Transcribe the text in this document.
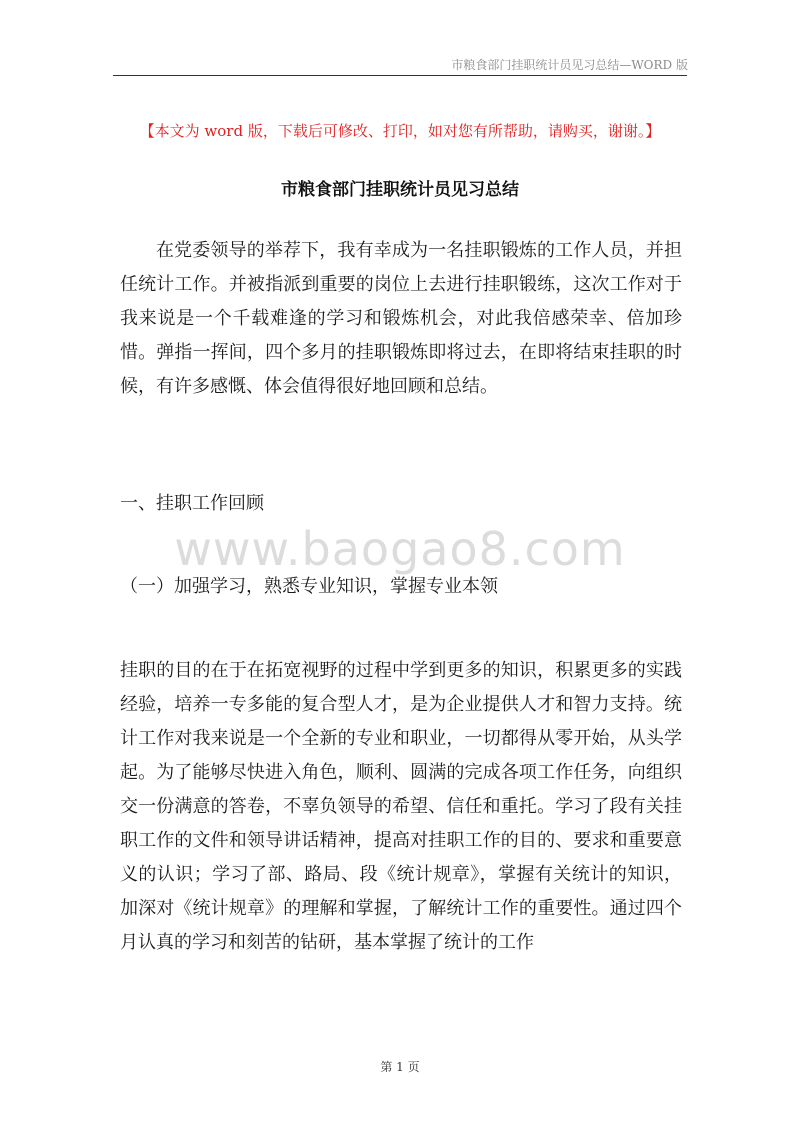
市粮食部门挂职统计员见习总结—WORD 版
【本文为 word 版，下载后可修改、打印，如对您有所帮助，请购买，谢谢。】
市粮食部门挂职统计员见习总结

在党委领导的举荐下，我有幸成为一名挂职锻炼的工作人员，并担任统计工作。并被指派到重要的岗位上去进行挂职锻练，这次工作对于我来说是一个千载难逢的学习和锻炼机会，对此我倍感荣幸、倍加珍惜。弹指一挥间，四个多月的挂职锻炼即将过去，在即将结束挂职的时候，有许多感慨、体会值得很好地回顾和总结。

一、挂职工作回顾
www.baogao8.com
（一）加强学习，熟悉专业知识，掌握专业本领

挂职的目的在于在拓宽视野的过程中学到更多的知识，积累更多的实践经验，培养一专多能的复合型人才，是为企业提供人才和智力支持。统计工作对我来说是一个全新的专业和职业，一切都得从零开始，从头学起。为了能够尽快进入角色，顺利、圆满的完成各项工作任务，向组织交一份满意的答卷，不辜负领导的希望、信任和重托。学习了段有关挂职工作的文件和领导讲话精神，提高对挂职工作的目的、要求和重要意义的认识；学习了部、路局、段《统计规章》，掌握有关统计的知识，加深对《统计规章》的理解和掌握，了解统计工作的重要性。通过四个月认真的学习和刻苦的钻研，基本掌握了统计的工作

第 1 页
